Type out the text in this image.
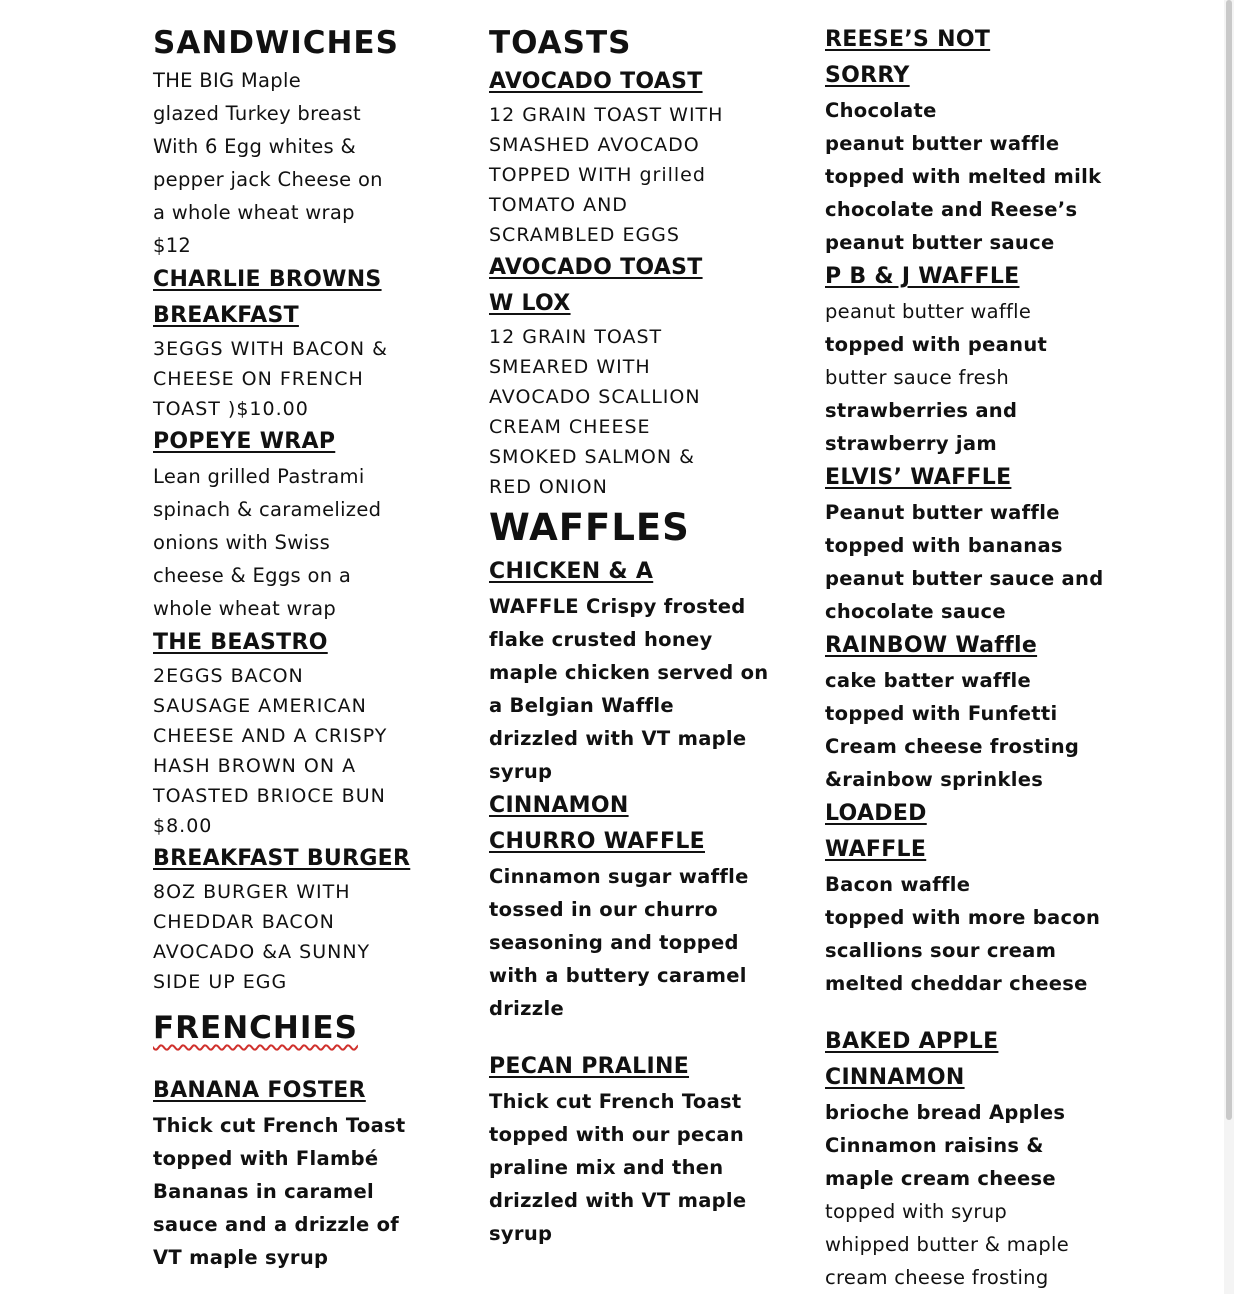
SANDWICHES
THE BIG Maple
glazed Turkey breast
With 6 Egg whites &
pepper jack Cheese on
a whole wheat wrap
$12
CHARLIE BROWNS
BREAKFAST
3EGGS WITH BACON &
CHEESE ON FRENCH
TOAST )$10.00
POPEYE WRAP
Lean grilled Pastrami
spinach & caramelized
onions with Swiss
cheese & Eggs on a
whole wheat wrap
THE BEASTRO
2EGGS BACON
SAUSAGE AMERICAN
CHEESE AND A CRISPY
HASH BROWN ON A
TOASTED BRIOCE BUN
$8.00
BREAKFAST BURGER
8OZ BURGER WITH
CHEDDAR BACON
AVOCADO &A SUNNY
SIDE UP EGG
FRENCHIES
BANANA FOSTER
Thick cut French Toast
topped with Flambé
Bananas in caramel
sauce and a drizzle of
VT maple syrup
TOASTS
AVOCADO TOAST
12 GRAIN TOAST WITH
SMASHED AVOCADO
TOPPED WITH grilled
TOMATO AND
SCRAMBLED EGGS
AVOCADO TOAST
W LOX
12 GRAIN TOAST
SMEARED WITH
AVOCADO SCALLION
CREAM CHEESE
SMOKED SALMON &
RED ONION
WAFFLES
CHICKEN & A
WAFFLE Crispy frosted
flake crusted honey
maple chicken served on
a Belgian Waffle
drizzled with VT maple
syrup
CINNAMON
CHURRO WAFFLE
Cinnamon sugar waffle
tossed in our churro
seasoning and topped
with a buttery caramel
drizzle
PECAN PRALINE
Thick cut French Toast
topped with our pecan
praline mix and then
drizzled with VT maple
syrup
REESE’S NOT
SORRY
Chocolate
peanut butter waffle
topped with melted milk
chocolate and Reese’s
peanut butter sauce
P B & J WAFFLE
peanut butter waffle
topped with peanut
butter sauce fresh
strawberries and
strawberry jam
ELVIS’ WAFFLE
Peanut butter waffle
topped with bananas
peanut butter sauce and
chocolate sauce
RAINBOW Waffle
cake batter waffle
topped with Funfetti
Cream cheese frosting
&rainbow sprinkles
LOADED
WAFFLE
Bacon waffle
topped with more bacon
scallions sour cream
melted cheddar cheese
BAKED APPLE
CINNAMON
brioche bread Apples
Cinnamon raisins &
maple cream cheese
topped with syrup
whipped butter & maple
cream cheese frosting
